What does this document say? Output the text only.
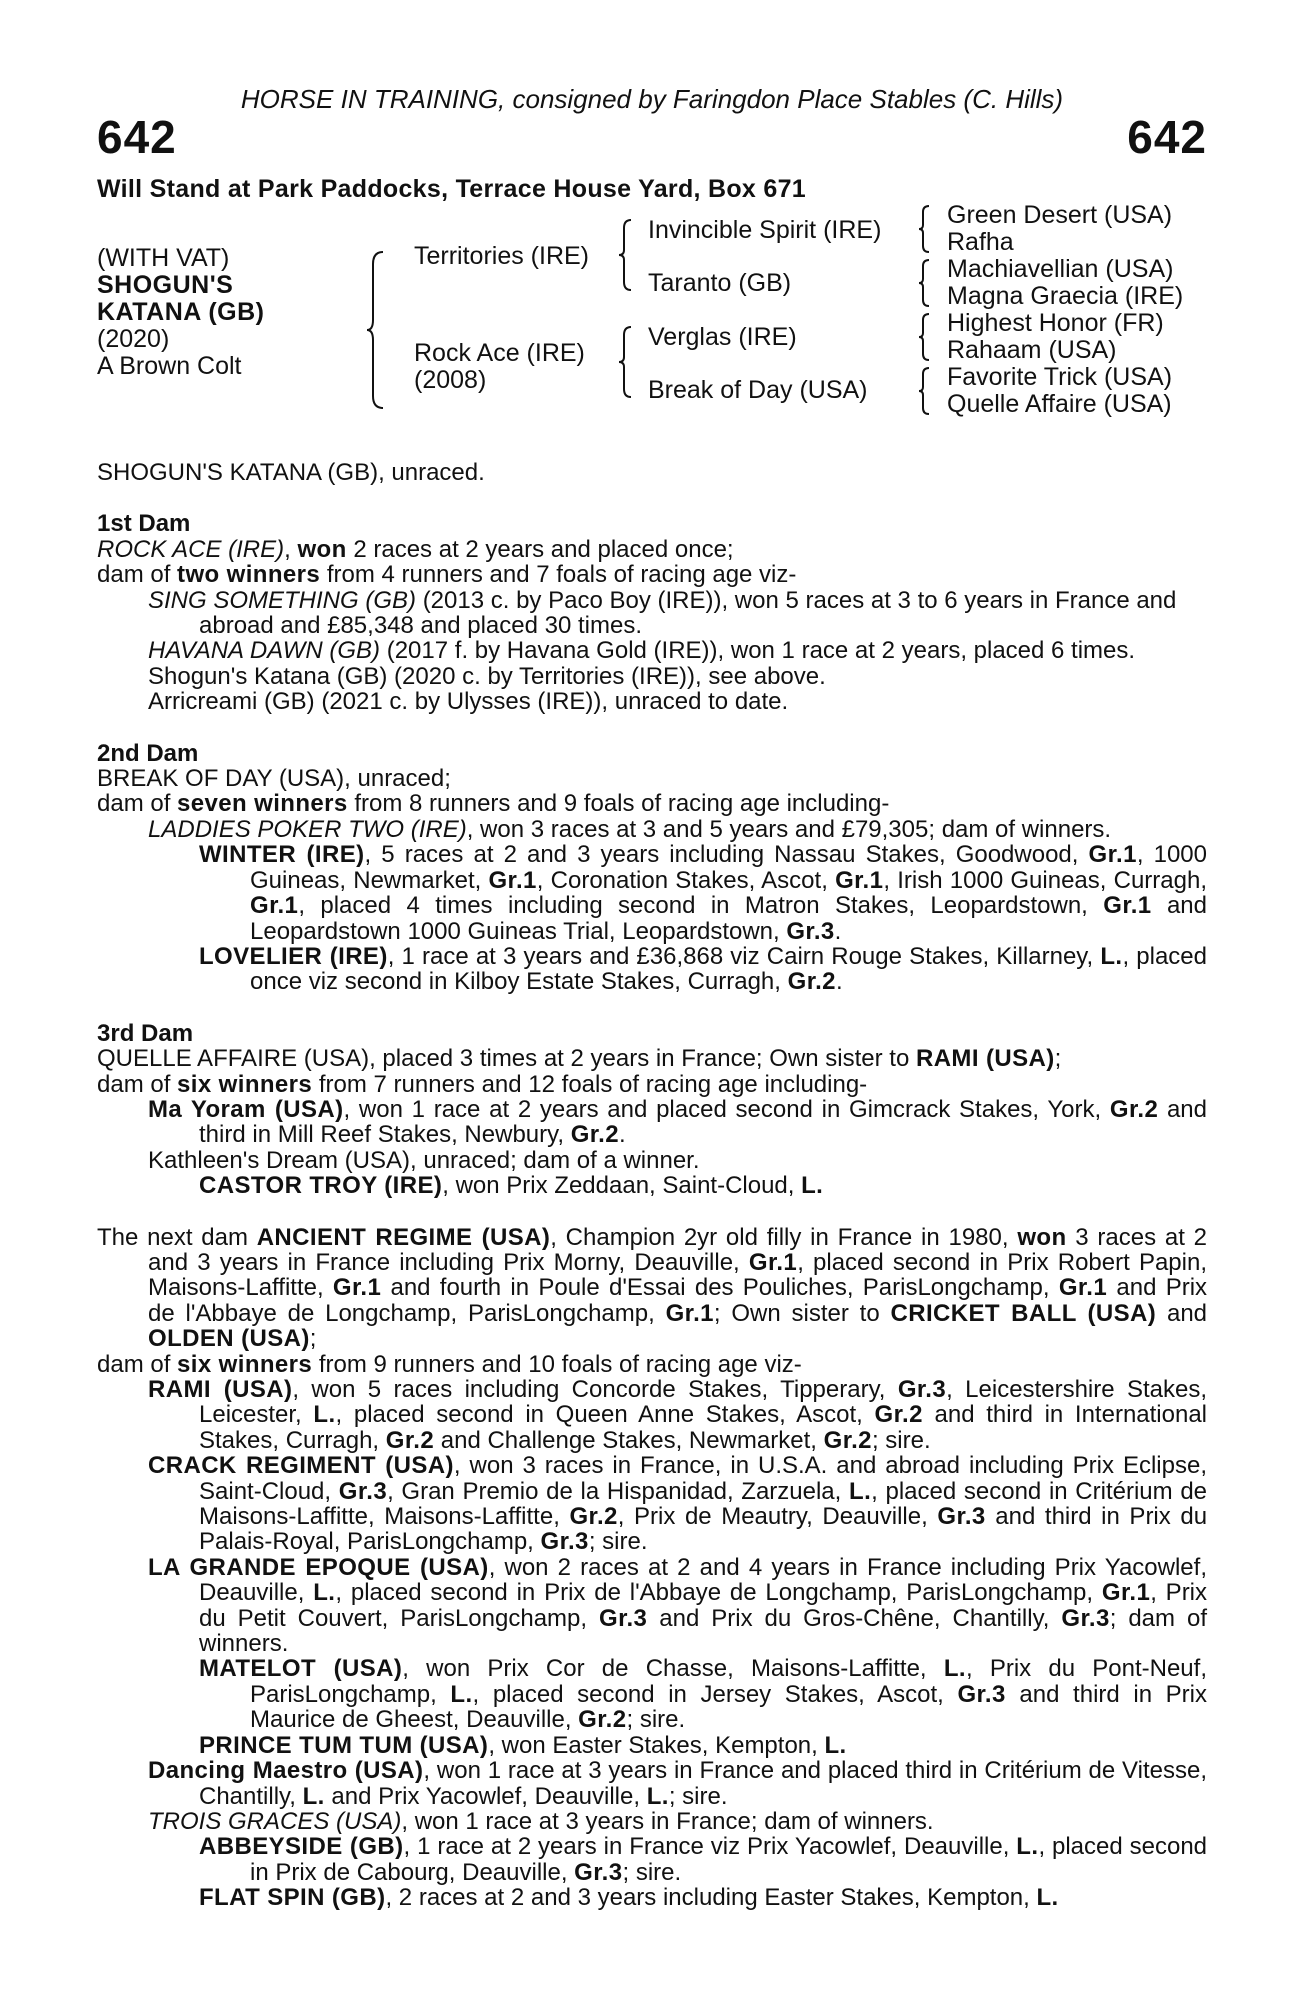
HORSE IN TRAINING, consigned by Faringdon Place Stables (C. Hills)
642	642
Will Stand at Park Paddocks, Terrace House Yard, Box 671
(WITH VAT)
SHOGUN'S
KATANA (GB)
(2020)
A Brown Colt
Territories (IRE)
Rock Ace (IRE)
(2008)
Invincible Spirit (IRE)
Taranto (GB)
Verglas (IRE)
Break of Day (USA)
Green Desert (USA)
Rafha
Machiavellian (USA)
Magna Graecia (IRE)
Highest Honor (FR)
Rahaam (USA)
Favorite Trick (USA)
Quelle Affaire (USA)

SHOGUN'S KATANA (GB), unraced.

1st Dam

ROCK ACE (IRE), won 2 races at 2 years and placed once;

dam of two winners from 4 runners and 7 foals of racing age viz-

SING SOMETHING (GB) (2013 c. by Paco Boy (IRE)), won 5 races at 3 to 6 years in France and abroad and £85,348 and placed 30 times.

HAVANA DAWN (GB) (2017 f. by Havana Gold (IRE)), won 1 race at 2 years, placed 6 times.

Shogun's Katana (GB) (2020 c. by Territories (IRE)), see above.

Arricreami (GB) (2021 c. by Ulysses (IRE)), unraced to date.

2nd Dam

BREAK OF DAY (USA), unraced;

dam of seven winners from 8 runners and 9 foals of racing age including-

LADDIES POKER TWO (IRE), won 3 races at 3 and 5 years and £79,305; dam of winners.

WINTER (IRE), 5 races at 2 and 3 years including Nassau Stakes, Goodwood, Gr.1, 1000 Guineas, Newmarket, Gr.1, Coronation Stakes, Ascot, Gr.1, Irish 1000 Guineas, Curragh, Gr.1, placed 4 times including second in Matron Stakes, Leopardstown, Gr.1 and Leopardstown 1000 Guineas Trial, Leopardstown, Gr.3.

LOVELIER (IRE), 1 race at 3 years and £36,868 viz Cairn Rouge Stakes, Killarney, L., placed once viz second in Kilboy Estate Stakes, Curragh, Gr.2.

3rd Dam

QUELLE AFFAIRE (USA), placed 3 times at 2 years in France; Own sister to RAMI (USA);

dam of six winners from 7 runners and 12 foals of racing age including-

Ma Yoram (USA), won 1 race at 2 years and placed second in Gimcrack Stakes, York, Gr.2 and third in Mill Reef Stakes, Newbury, Gr.2.

Kathleen's Dream (USA), unraced; dam of a winner.

CASTOR TROY (IRE), won Prix Zeddaan, Saint-Cloud, L.

The next dam ANCIENT REGIME (USA), Champion 2yr old filly in France in 1980, won 3 races at 2 and 3 years in France including Prix Morny, Deauville, Gr.1, placed second in Prix Robert Papin, Maisons-Laffitte, Gr.1 and fourth in Poule d'Essai des Pouliches, ParisLongchamp, Gr.1 and Prix de l'Abbaye de Longchamp, ParisLongchamp, Gr.1; Own sister to CRICKET BALL (USA) and OLDEN (USA);

dam of six winners from 9 runners and 10 foals of racing age viz-

RAMI (USA), won 5 races including Concorde Stakes, Tipperary, Gr.3, Leicestershire Stakes, Leicester, L., placed second in Queen Anne Stakes, Ascot, Gr.2 and third in International Stakes, Curragh, Gr.2 and Challenge Stakes, Newmarket, Gr.2; sire.

CRACK REGIMENT (USA), won 3 races in France, in U.S.A. and abroad including Prix Eclipse, Saint-Cloud, Gr.3, Gran Premio de la Hispanidad, Zarzuela, L., placed second in Critérium de Maisons-Laffitte, Maisons-Laffitte, Gr.2, Prix de Meautry, Deauville, Gr.3 and third in Prix du Palais-Royal, ParisLongchamp, Gr.3; sire.

LA GRANDE EPOQUE (USA), won 2 races at 2 and 4 years in France including Prix Yacowlef, Deauville, L., placed second in Prix de l'Abbaye de Longchamp, ParisLongchamp, Gr.1, Prix du Petit Couvert, ParisLongchamp, Gr.3 and Prix du Gros-Chêne, Chantilly, Gr.3; dam of winners.

MATELOT (USA), won Prix Cor de Chasse, Maisons-Laffitte, L., Prix du Pont-Neuf, ParisLongchamp, L., placed second in Jersey Stakes, Ascot, Gr.3 and third in Prix Maurice de Gheest, Deauville, Gr.2; sire.

PRINCE TUM TUM (USA), won Easter Stakes, Kempton, L.

Dancing Maestro (USA), won 1 race at 3 years in France and placed third in Critérium de Vitesse, Chantilly, L. and Prix Yacowlef, Deauville, L.; sire.

TROIS GRACES (USA), won 1 race at 3 years in France; dam of winners.

ABBEYSIDE (GB), 1 race at 2 years in France viz Prix Yacowlef, Deauville, L., placed second in Prix de Cabourg, Deauville, Gr.3; sire.

FLAT SPIN (GB), 2 races at 2 and 3 years including Easter Stakes, Kempton, L.
